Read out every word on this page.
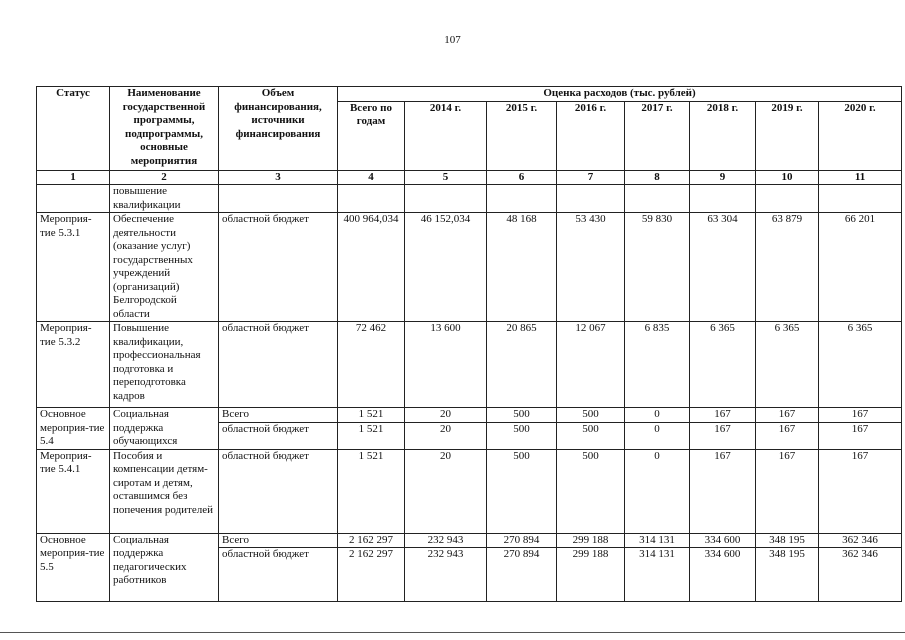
107
Статус	Наименование государственной программы, подпрограммы, основные мероприятия	Объем финансирования, источники финансирования	Оценка расходов (тыс. рублей)							
			Всего по годам	2014 г.	2015 г.	2016 г.	2017 г.	2018 г.	2019 г.	2020 г.
1	2	3	4	5	6	7	8	9	10	11
	повышение квалификации									
Мероприя-тие 5.3.1	Обеспечение деятельности (оказание услуг) государственных учреждений (организаций) Белгородской области	областной бюджет	400 964,034	46 152,034	48 168	53 430	59 830	63 304	63 879	66 201
Мероприя-тие 5.3.2	Повышение квалификации, профессиональная подготовка и переподготовка кадров	областной бюджет	72 462	13 600	20 865	12 067	6 835	6 365	6 365	6 365
Основное мероприя-тие 5.4	Социальная поддержка обучающихся	Всего	1 521	20	500	500	0	167	167	167
		областной бюджет	1 521	20	500	500	0	167	167	167
Мероприя-тие 5.4.1	Пособия и компенсации детям-сиротам и детям, оставшимся без попечения родителей	областной бюджет	1 521	20	500	500	0	167	167	167
Основное мероприя-тие 5.5	Социальная поддержка педагогических работников	Всего	2 162 297	232 943	270 894	299 188	314 131	334 600	348 195	362 346
		областной бюджет	2 162 297	232 943	270 894	299 188	314 131	334 600	348 195	362 346
